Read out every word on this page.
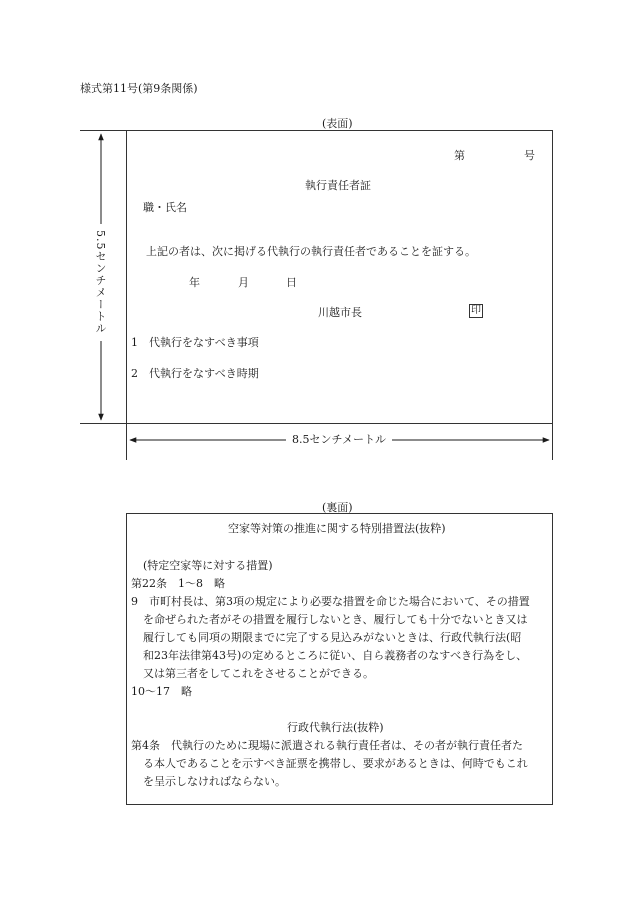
様式第11号(第9条関係)
(表面)
5.5センチメートル
8.5センチメートル
第	号
執行責任者証
職・氏名
上記の者は、次に掲げる代執行の執行責任者であることを証する。
年	月	日
川越市長	印
1　代執行をなすべき事項
2　代執行をなすべき時期
(裏面)
空家等対策の推進に関する特別措置法(抜粋)
(特定空家等に対する措置)
第22条　1〜8　略
9　市町村長は、第3項の規定により必要な措置を命じた場合において、その措置
を命ぜられた者がその措置を履行しないとき、履行しても十分でないとき又は
履行しても同項の期限までに完了する見込みがないときは、行政代執行法(昭
和23年法律第43号)の定めるところに従い、自ら義務者のなすべき行為をし、
又は第三者をしてこれをさせることができる。
10〜17　略
行政代執行法(抜粋)
第4条　代執行のために現場に派遣される執行責任者は、その者が執行責任者た
る本人であることを示すべき証票を携帯し、要求があるときは、何時でもこれ
を呈示しなければならない。
